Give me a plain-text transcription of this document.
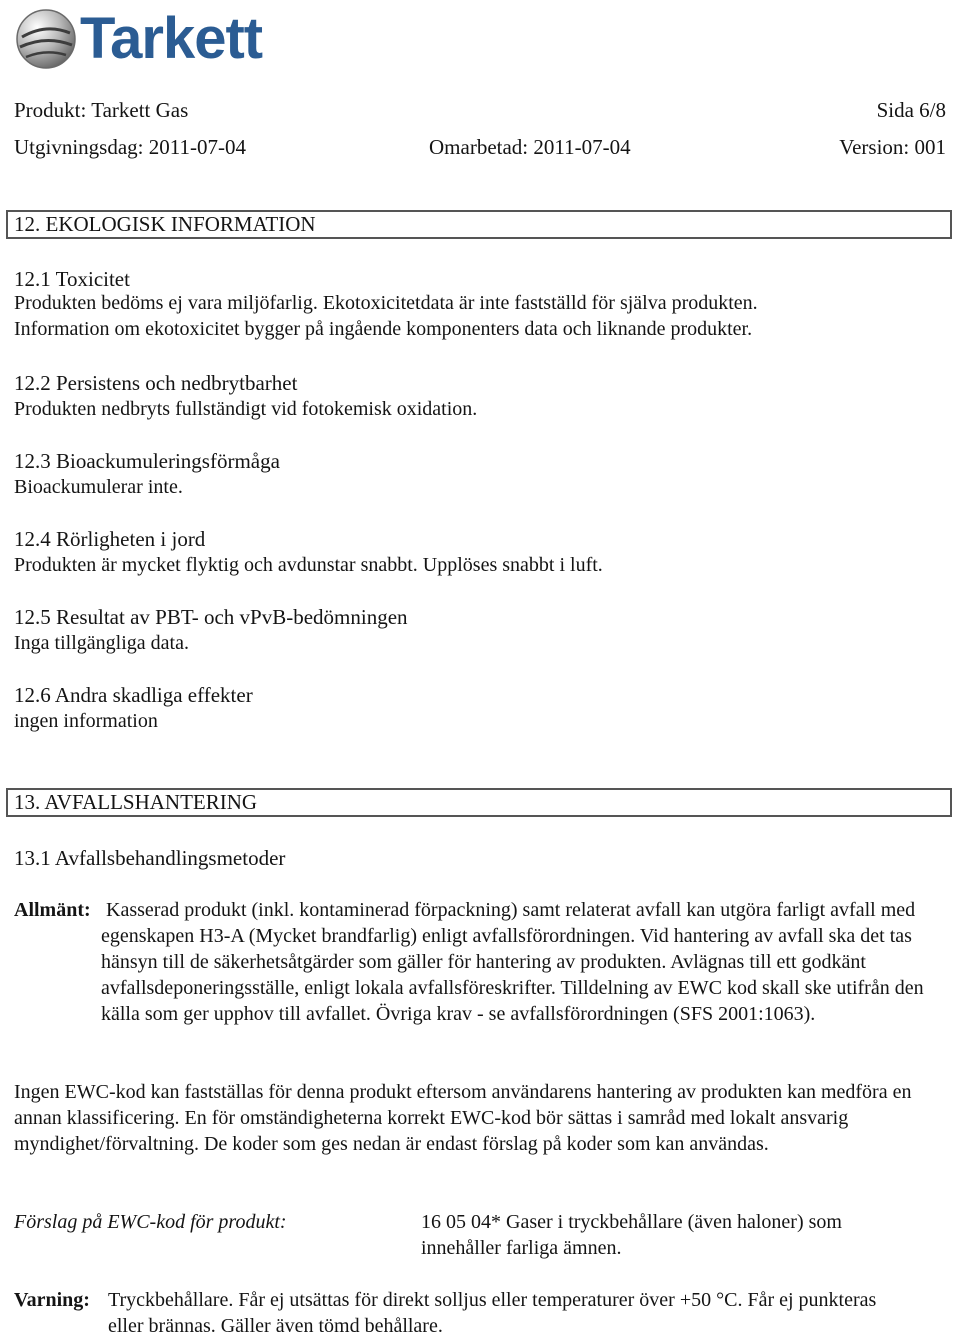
Tarkett
Produkt: Tarkett Gas	Sida 6/8
Utgivningsdag: 2011-07-04	Omarbetad: 2011-07-04	Version: 001
12. EKOLOGISK INFORMATION
12.1 Toxicitet
Produkten bedöms ej vara miljöfarlig. Ekotoxicitetdata är inte fastställd för själva produkten.
Information om ekotoxicitet bygger på ingående komponenters data och liknande produkter.
12.2 Persistens och nedbrytbarhet
Produkten nedbryts fullständigt vid fotokemisk oxidation.
12.3 Bioackumuleringsförmåga
Bioackumulerar inte.
12.4 Rörligheten i jord
Produkten är mycket flyktig och avdunstar snabbt. Upplöses snabbt i luft.
12.5 Resultat av PBT- och vPvB-bedömningen
Inga tillgängliga data.
12.6 Andra skadliga effekter
ingen information
13. AVFALLSHANTERING
13.1 Avfallsbehandlingsmetoder
Allmänt: Kasserad produkt (inkl. kontaminerad förpackning) samt relaterat avfall kan utgöra farligt avfall med egenskapen H3-A (Mycket brandfarlig) enligt avfallsförordningen. Vid hantering av avfall ska det tas hänsyn till de säkerhetsåtgärder som gäller för hantering av produkten. Avlägnas till ett godkänt avfallsdeponeringsställe, enligt lokala avfallsföreskrifter. Tilldelning av EWC kod skall ske utifrån den källa som ger upphov till avfallet. Övriga krav - se avfallsförordningen (SFS 2001:1063).
Ingen EWC-kod kan fastställas för denna produkt eftersom användarens hantering av produkten kan medföra en annan klassificering. En för omständigheterna korrekt EWC-kod bör sättas i samråd med lokalt ansvarig myndighet/förvaltning. De koder som ges nedan är endast förslag på koder som kan användas.
Förslag på EWC-kod för produkt:	16 05 04* Gaser i tryckbehållare (även haloner) som innehåller farliga ämnen.
Varning: Tryckbehållare. Får ej utsättas för direkt solljus eller temperaturer över +50 °C. Får ej punkteras eller brännas. Gäller även tömd behållare.
